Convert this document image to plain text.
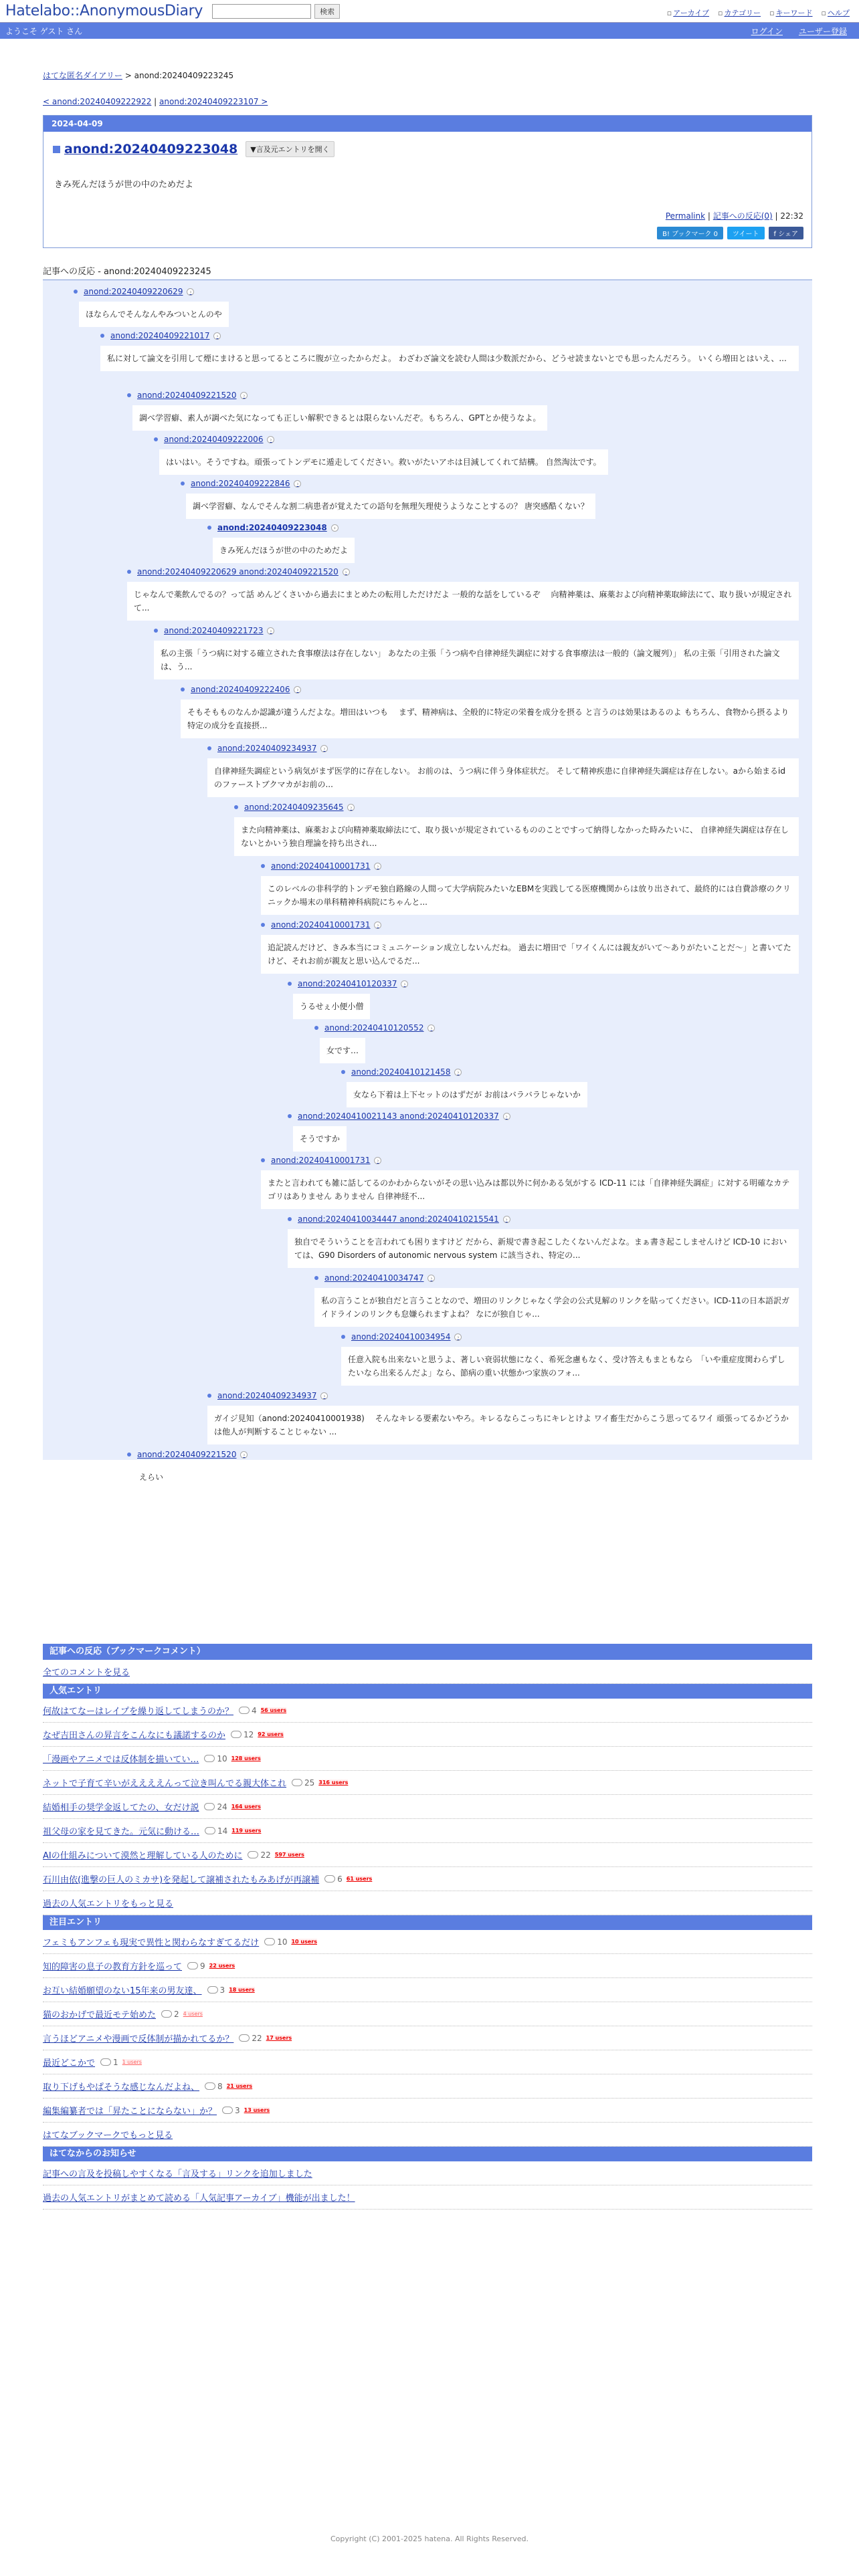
Hatelabo::AnonymousDiary	検索	▫ アーカイブ ▫ カテゴリー ▫ キーワード ▫ ヘルプ
ようこそ ゲスト さん	ログイン ユーザー登録
はてな匿名ダイアリー > anond:20240409223245
< anond:20240409222922 | anond:20240409223107 >
2024-04-09
anond:20240409223048	▼言及元エントリを開く
きみ死んだほうが世の中のためだよ
Permalink | 記事への反応(0) | 22:32
B! ブックマーク 0	ツイート	f シェア
記事への反応 - anond:20240409223245
anond:20240409220629	›
ほならんでそんなんやみついとんのや
anond:20240409221017	›
私に対して論文を引用して煙にまけると思ってるところに腹が立ったからだよ。 わざわざ論文を読む人間は少数派だから、どうせ読まないとでも思ったんだろう。 いくら増田とはいえ、...
anond:20240409221520	›
調べ学習癖、素人が調べた気になっても正しい解釈できるとは限らないんだぞ。もちろん、GPTとか使うなよ。
anond:20240409222006	›
はいはい。そうですね。頑張ってトンデモに遁走してください。救いがたいアホは目減してくれて結構。 自然淘汰です。
anond:20240409222846	›
調べ学習癖、なんでそんな割二病患者が覚えたての語句を無理矢理使うようなことするの？ 唐突感酷くない？
anond:20240409223048	›
きみ死んだほうが世の中のためだよ
anond:20240409220629 anond:20240409221520	›
じゃなんで薬飲んでるの？って話 めんどくさいから過去にまとめたの転用しただけだよ 一般的な話をしているぞ　 向精神薬は、麻薬および向精神薬取締法にて、取り扱いが規定されて...
anond:20240409221723	›
私の主張「うつ病に対する確立された食事療法は存在しない」 あなたの主張「うつ病や自律神経失調症に対する食事療法は一般的（論文履列）」 私の主張「引用された論文は、う...
anond:20240409222406	›
そもそもものなんか認識が違うんだよな。増田はいつも　 まず、精神病は、全般的に特定の栄養を成分を摂る と言うのは効果はあるのよ もちろん、食物から摂るより特定の成分を直接摂...
anond:20240409234937	›
自律神経失調症という病気がまず医学的に存在しない。 お前のは、うつ病に伴う身体症状だ。 そして精神疾患に自律神経失調症は存在しない。aから始まるidのファーストブクマカがお前の...
anond:20240409235645	›
また向精神薬は、麻薬および向精神薬取締法にて、取り扱いが規定されているもののことですって納得しなかった時みたいに、 自律神経失調症は存在しないとかいう独自理論を持ち出され...
anond:20240410001731	›
このレベルの非科学的トンデモ独自路線の人間って大学病院みたいなEBMを実践してる医療機関からは放り出されて、最終的には自費診療のクリニックか場末の単科精神科病院にちゃんと...
anond:20240410001731	›
追記読んだけど、きみ本当にコミュニケーション成立しないんだね。 過去に増田で「ワイくんには親友がいて〜ありがたいことだ〜」と書いてたけど、それお前が親友と思い込んでるだ...
anond:20240410120337	›
うるせぇ小便小僧
anond:20240410120552	›
女です…
anond:20240410121458	›
女なら下着は上下セットのはずだが お前はバラバラじゃないか
anond:20240410021143 anond:20240410120337	›
そうですか
anond:20240410001731	›
またと言われても雑に話してるのかわからないがその思い込みは都以外に何かある気がする ICD-11 には「自律神経失調症」に対する明確なカテゴリはありません ありません 自律神経不...
anond:20240410034447 anond:20240410215541	›
独自でそういうことを言われても困りますけど だから、新規で書き起こしたくないんだよな。まぁ書き起こしませんけど ICD-10 においては、G90 Disorders of autonomic nervous system に該当され、特定の...
anond:20240410034747	›
私の言うことが独自だと言うことなので、増田のリンクじゃなく学会の公式見解のリンクを貼ってください。ICD-11の日本語訳ガイドラインのリンクも怠嫌られますよね？ なにが独自じゃ...
anond:20240410034954	›
任意入院も出来ないと思うよ、著しい衰弱状態になく、希死念慮もなく、受け答えもまともなら　「いや重症度関わらずしたいなら出来るんだよ」なら、節病の重い状態かつ家族のフォ...
anond:20240409234937	›
ガイジ見知（anond:20240410001938)　 そんなキレる要素ないやろ。キレるならこっちにキレとけよ ワイ畜生だからこう思ってるワイ 頑張ってるかどうかは他人が判断することじゃない ...
anond:20240409221520	›
えらい
記事への反応（ブックマークコメント）
全てのコメントを見る
人気エントリ
何故はてなーはレイプを繰り返してしまうのか？ 4 56 users
なぜ吉田さんの昇言をこんなにも議諾するのか 12 92 users
「漫画やアニメでは反体制を描いてい… 10 128 users
ネットで子育て辛いがええええんって泣き叫んでる親大体これ 25 316 users
結婚相手の奨学金返してたの、女だけ説 24 164 users
祖父母の家を見てきた。元気に動ける… 14 119 users
AIの仕組みについて漠然と理解している人のために 22 597 users
石川由依(進撃の巨人のミカサ)を発起して譲補されたもみあげが再譲補 6 61 users
過去の人気エントリをもっと見る
注目エントリ
フェミもアンフェも現実で異性と関わらなすぎてるだけ 10 10 users
知的障害の息子の教育方針を巡って 9 22 users
お互い結婚願望のない15年来の男友達、 3 18 users
猫のおかげで最近モテ始めた 2 4 users
言うほどアニメや漫画で反体制が描かれてるか？ 22 17 users
最近どこかで 1 1 users
取り下げもやぱそうな感じなんだよね、 8 21 users
編集編纂者では「昇たことにならない」か？ 3 13 users
はてなブックマークでもっと見る
はてなからのお知らせ
記事への言及を投稿しやすくなる「言及する」リンクを追加しました
過去の人気エントリがまとめて読める「人気記事アーカイブ」機能が出ました！
Copyright (C) 2001-2025 hatena. All Rights Reserved.
